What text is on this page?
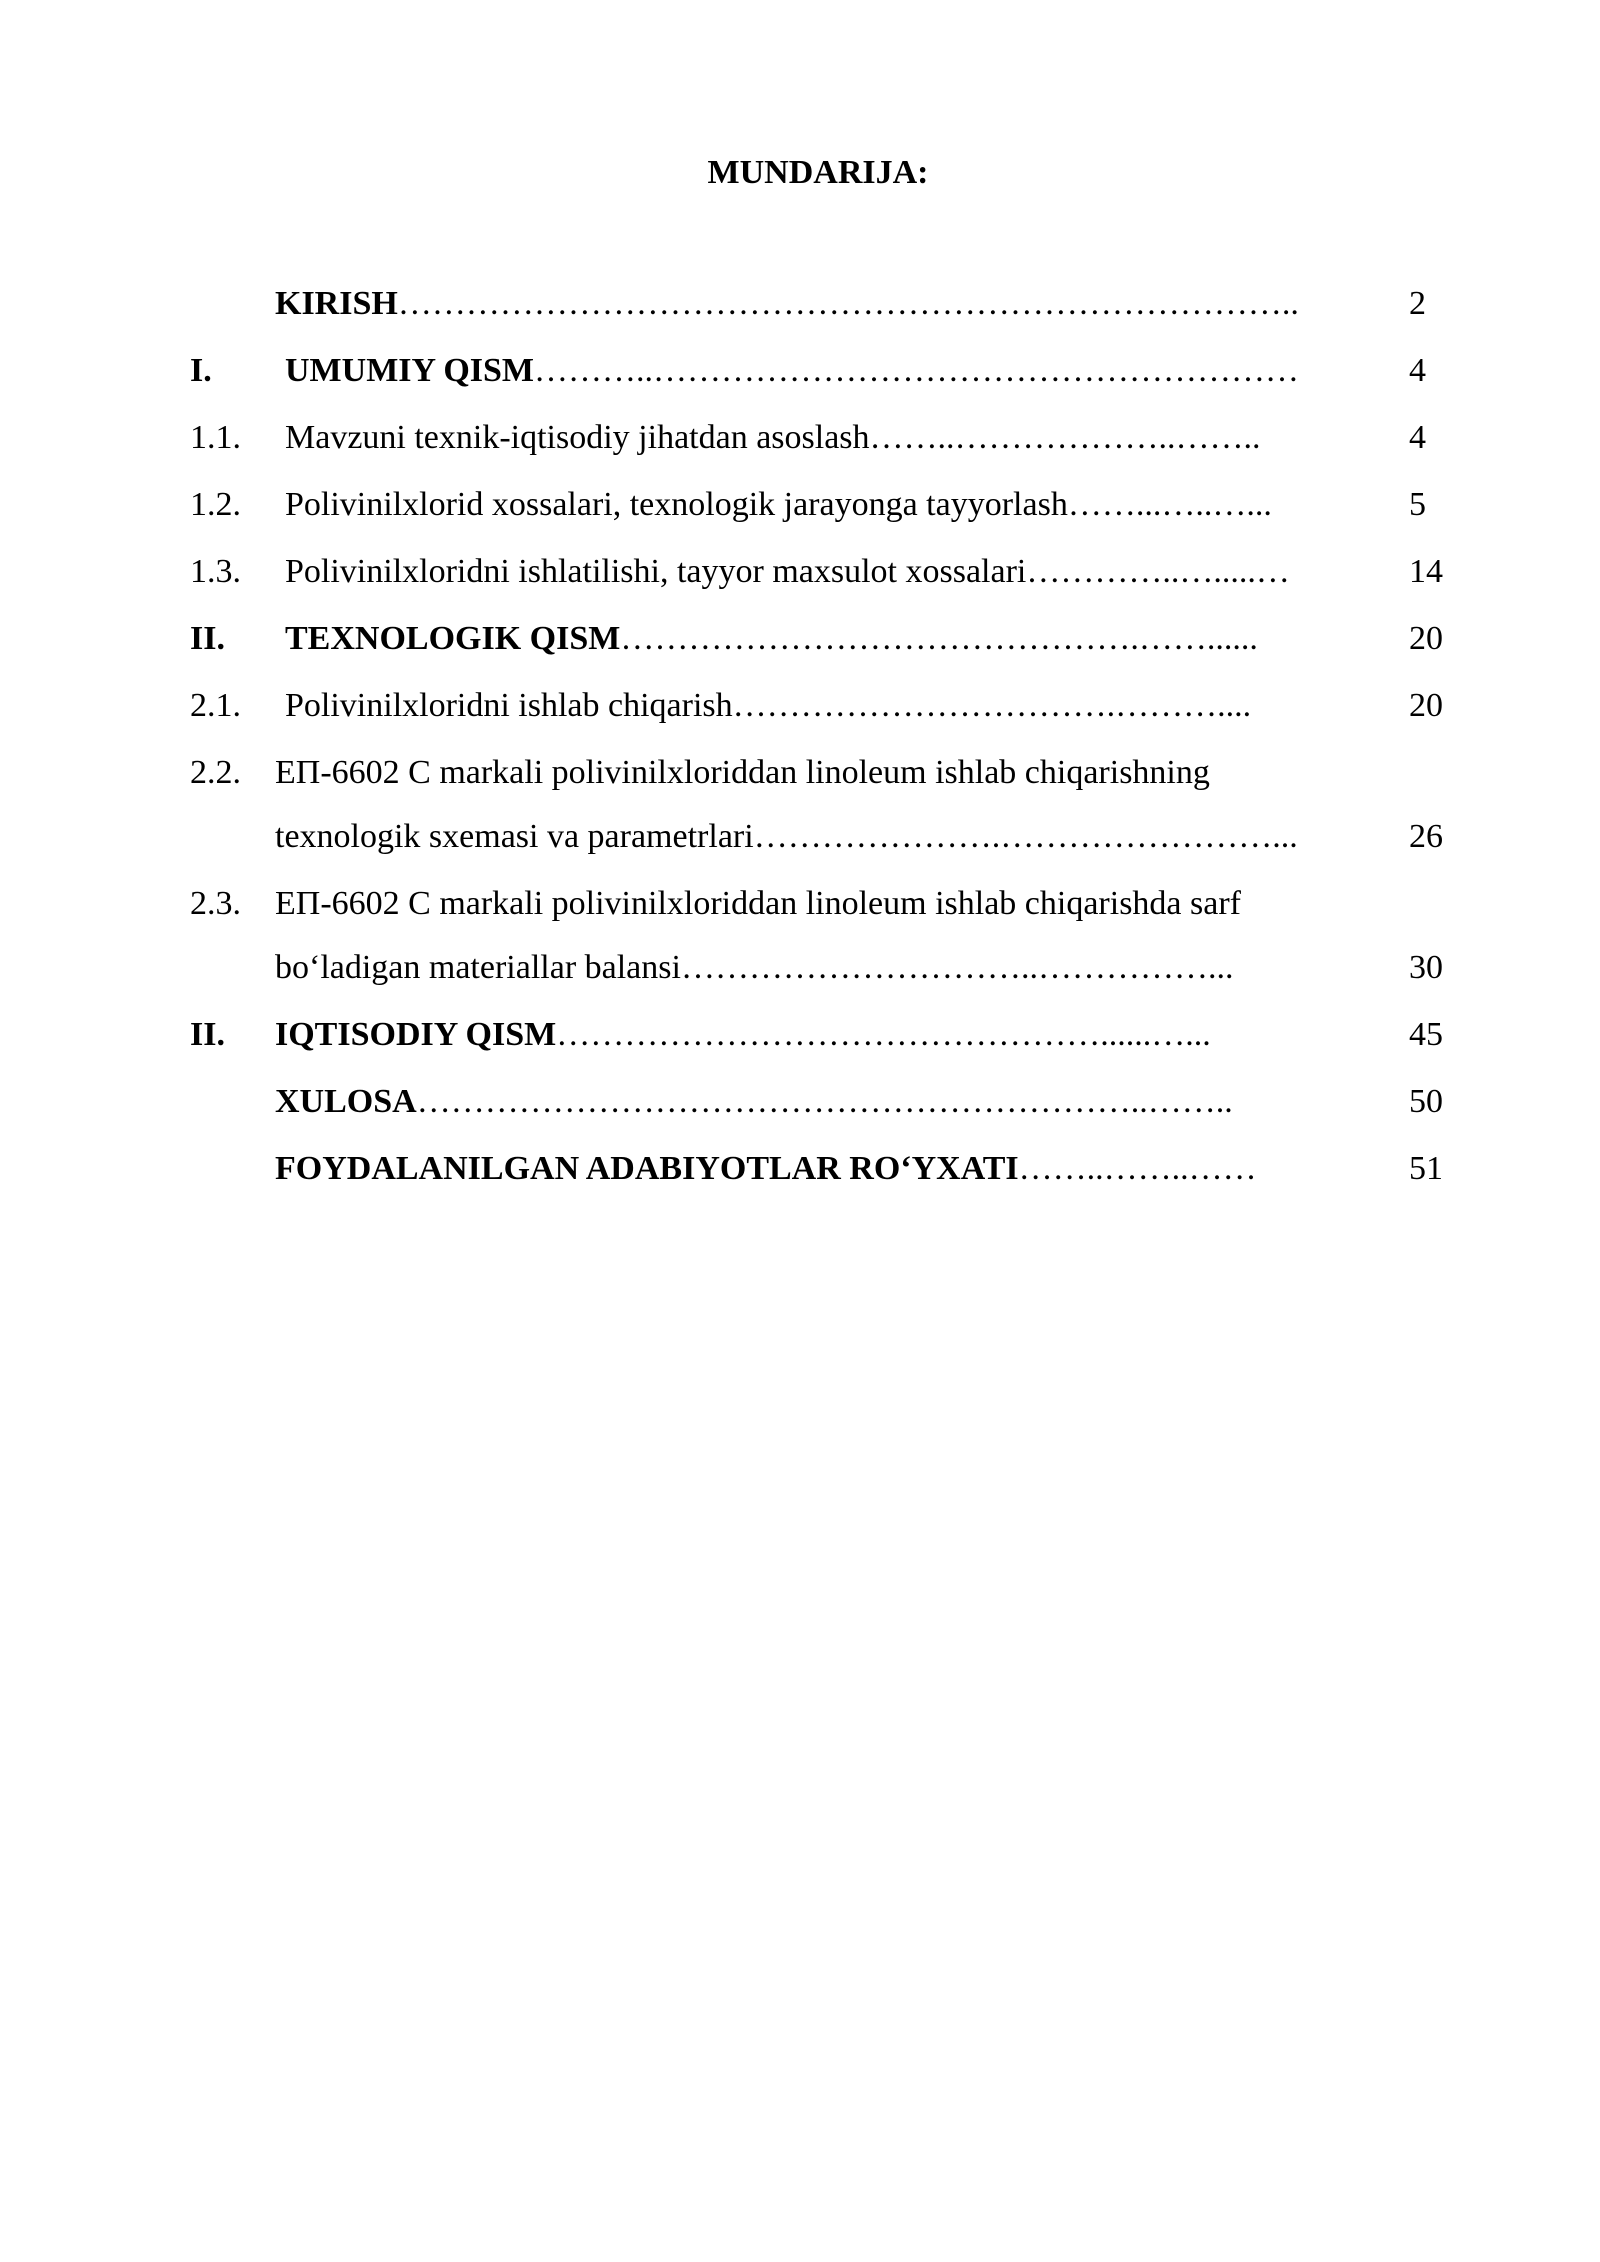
MUNDARIJA:
KIRISH……………………………………………………………………..	2
I. UMUMIY QISM………..…………………………………………………	4
1.1. Mavzuni texnik-iqtisodiy jihatdan asoslash……..………………..……..	4
1.2. Polivinilxlorid xossalari, texnologik jarayonga tayyorlash……...…..…...	5
1.3. Polivinilxloridni ishlatilishi, tayyor maxsulot xossalari…………..….....…	14
II. TEXNOLOGIK QISM……………………………………….……......	20
2.1. Polivinilxloridni ishlab chiqarish…………………………….………....	20
2.2. ЕП-6602 С markali polivinilxloriddan linoleum ishlab chiqarishning
texnologik sxemasi va parametrlari………………….……………………...	26
2.3. ЕП-6602 С markali polivinilxloriddan linoleum ishlab chiqarishda sarf
bo‘ladigan materiallar balansi…………………………..……………...	30
II. IQTISODIY QISM…………………………………………......…...	45
XULOSA………………………………………………………..……..	50
FOYDALANILGAN ADABIYOTLAR RO‘YXATI……..……..……	51
